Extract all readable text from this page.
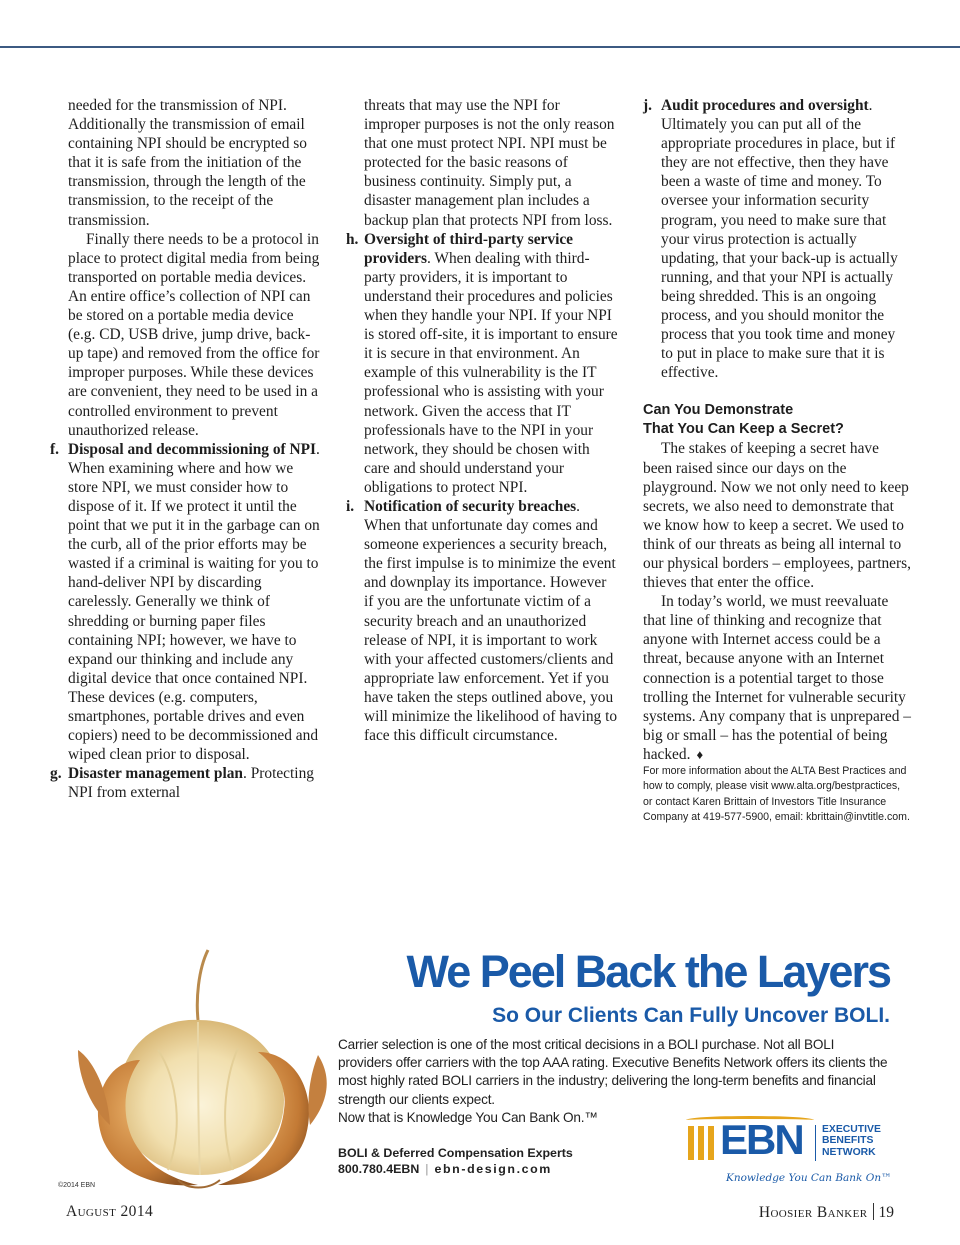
needed for the transmission of NPI. Additionally the transmission of email containing NPI should be encrypted so that it is safe from the initiation of the transmission, through the length of the transmission, to the receipt of the transmission.

Finally there needs to be a protocol in place to protect digital media from being transported on portable media devices. An entire office’s collection of NPI can be stored on a portable media device (e.g. CD, USB drive, jump drive, back-up tape) and removed from the office for improper purposes. While these devices are convenient, they need to be used in a controlled environment to prevent unauthorized release.

f. Disposal and decommissioning of NPI. When examining where and how we store NPI, we must consider how to dispose of it. If we protect it until the point that we put it in the garbage can on the curb, all of the prior efforts may be wasted if a criminal is waiting for you to hand-deliver NPI by discarding carelessly. Generally we think of shredding or burning paper files containing NPI; however, we have to expand our thinking and include any digital device that once contained NPI. These devices (e.g. computers, smartphones, portable drives and even copiers) need to be decommissioned and wiped clean prior to disposal.

g. Disaster management plan. Protecting NPI from external

threats that may use the NPI for improper purposes is not the only reason that one must protect NPI. NPI must be protected for the basic reasons of business continuity. Simply put, a disaster management plan includes a backup plan that protects NPI from loss.

h. Oversight of third-party service providers. When dealing with third-party providers, it is important to understand their procedures and policies when they handle your NPI. If your NPI is stored off-site, it is important to ensure it is secure in that environment. An example of this vulnerability is the IT professional who is assisting with your network. Given the access that IT professionals have to the NPI in your network, they should be chosen with care and should understand your obligations to protect NPI.

i. Notification of security breaches. When that unfortunate day comes and someone experiences a security breach, the first impulse is to minimize the event and downplay its importance. However if you are the unfortunate victim of a security breach and an unauthorized release of NPI, it is important to work with your affected customers/clients and appropriate law enforcement. Yet if you have taken the steps outlined above, you will minimize the likelihood of having to face this difficult circumstance.

j. Audit procedures and oversight. Ultimately you can put all of the appropriate procedures in place, but if they are not effective, then they have been a waste of time and money. To oversee your information security program, you need to make sure that your virus protection is actually updating, that your back-up is actually running, and that your NPI is actually being shredded. This is an ongoing process, and you should monitor the process that you took time and money to put in place to make sure that it is effective.

Can You Demonstrate
That You Can Keep a Secret?

The stakes of keeping a secret have been raised since our days on the playground. Now we not only need to keep secrets, we also need to demonstrate that we know how to keep a secret. We used to think of our threats as being all internal to our physical borders – employees, partners, thieves that enter the office.

In today’s world, we must reevaluate that line of thinking and recognize that anyone with Internet access could be a threat, because anyone with an Internet connection is a potential target to those trolling the Internet for vulnerable security systems. Any company that is unprepared – big or small – has the potential of being hacked. ♦

For more information about the ALTA Best Practices and how to comply, please visit www.alta.org/bestpractices, or contact Karen Brittain of Investors Title Insurance Company at 419-577-5900, email: kbrittain@invtitle.com.

©2014 EBN
We Peel Back the Layers
So Our Clients Can Fully Uncover BOLI.

Carrier selection is one of the most critical decisions in a BOLI purchase. Not all BOLI providers offer carriers with the top AAA rating. Executive Benefits Network offers its clients the most highly rated BOLI carriers in the industry; delivering the long-term benefits and financial strength our clients expect.

Now that is Knowledge You Can Bank On.™

BOLI & Deferred Compensation Experts
800.780.4EBN | ebn-design.com
EBN EXECUTIVE
BENEFITS
NETWORK
Knowledge You Can Bank On™
August 2014	Hoosier Banker 19
